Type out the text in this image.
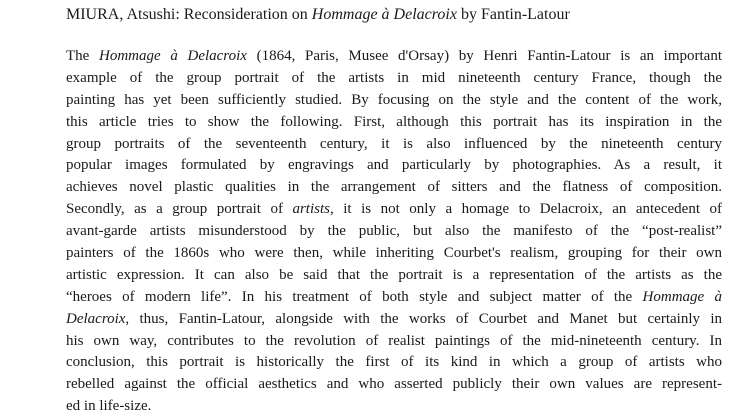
MIURA, Atsushi: Reconsideration on Hommage à Delacroix by Fantin-Latour
The Hommage à Delacroix (1864, Paris, Musee d'Orsay) by Henri Fantin-Latour is an important
example of the group portrait of the artists in mid nineteenth century France, though the
painting has yet been sufficiently studied. By focusing on the style and the content of the work,
this article tries to show the following. First, although this portrait has its inspiration in the
group portraits of the seventeenth century, it is also influenced by the nineteenth century
popular images formulated by engravings and particularly by photographies. As a result, it
achieves novel plastic qualities in the arrangement of sitters and the flatness of composition.
Secondly, as a group portrait of artists, it is not only a homage to Delacroix, an antecedent of
avant-garde artists misunderstood by the public, but also the manifesto of the “post-realist”
painters of the 1860s who were then, while inheriting Courbet's realism, grouping for their own
artistic expression. It can also be said that the portrait is a representation of the artists as the
“heroes of modern life”. In his treatment of both style and subject matter of the Hommage à
Delacroix, thus, Fantin-Latour, alongside with the works of Courbet and Manet but certainly in
his own way, contributes to the revolution of realist paintings of the mid-nineteenth century. In
conclusion, this portrait is historically the first of its kind in which a group of artists who
rebelled against the official aesthetics and who asserted publicly their own values are represent-
ed in life-size.
